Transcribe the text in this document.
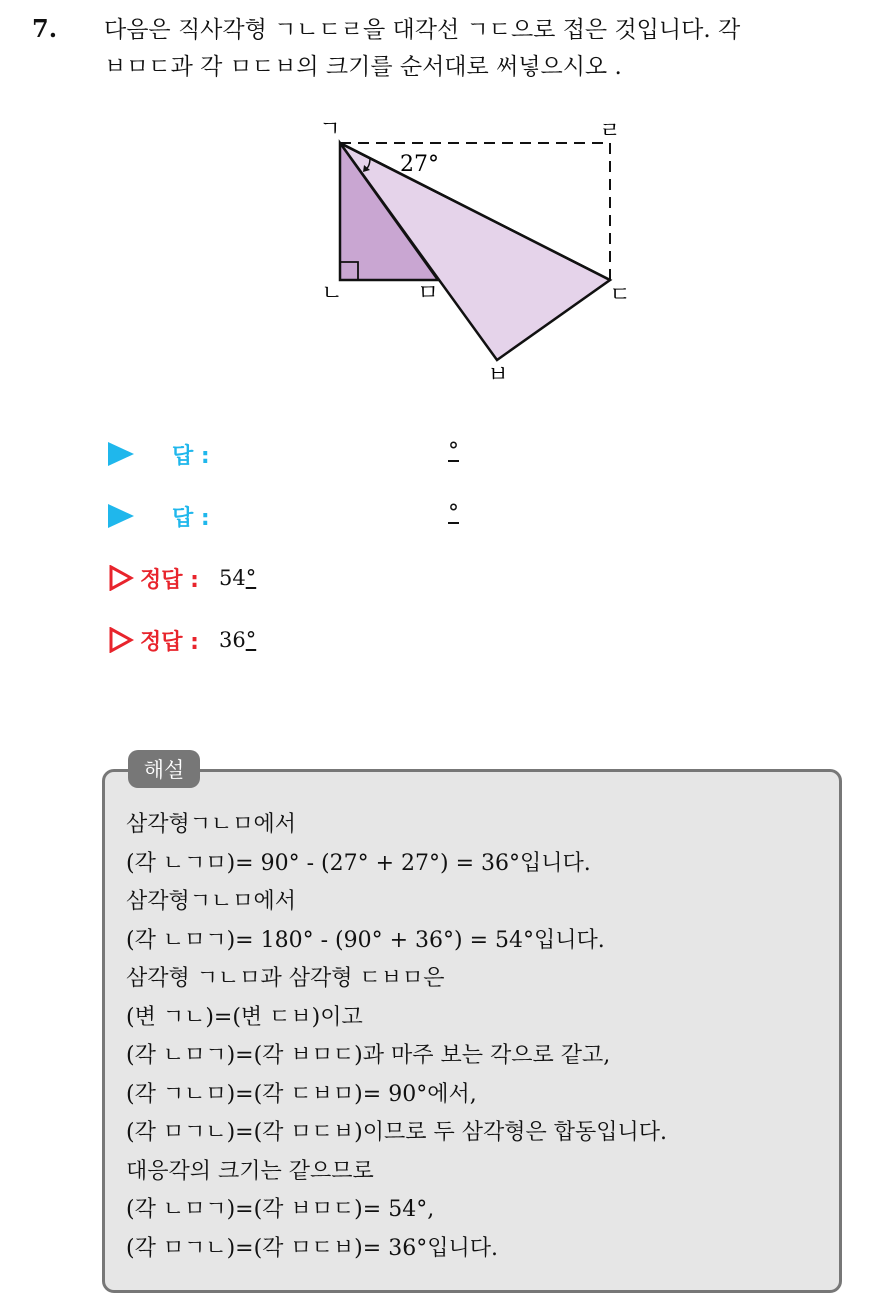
7. 다음은 직사각형 ㄱㄴㄷㄹ을 대각선 ㄱㄷ으로 접은 것입니다. 각
ㅂㅁㄷ과 각 ㅁㄷㅂ의 크기를 순서대로 써넣으시오 .
ㄱ	ㄹ
ㄴ	ㅁ	ㄷ
ㅂ
27°
답 :	°
답 :	°
정답 : 54°
정답 : 36°
해설
삼각형ㄱㄴㅁ에서
(각 ㄴㄱㅁ)= 90° - (27° + 27°) = 36°입니다.
삼각형ㄱㄴㅁ에서
(각 ㄴㅁㄱ)= 180° - (90° + 36°) = 54°입니다.
삼각형 ㄱㄴㅁ과 삼각형 ㄷㅂㅁ은
(변 ㄱㄴ)=(변 ㄷㅂ)이고
(각 ㄴㅁㄱ)=(각 ㅂㅁㄷ)과 마주 보는 각으로 같고,
(각 ㄱㄴㅁ)=(각 ㄷㅂㅁ)= 90°에서,
(각 ㅁㄱㄴ)=(각 ㅁㄷㅂ)이므로 두 삼각형은 합동입니다.
대응각의 크기는 같으므로
(각 ㄴㅁㄱ)=(각 ㅂㅁㄷ)= 54°,
(각 ㅁㄱㄴ)=(각 ㅁㄷㅂ)= 36°입니다.
